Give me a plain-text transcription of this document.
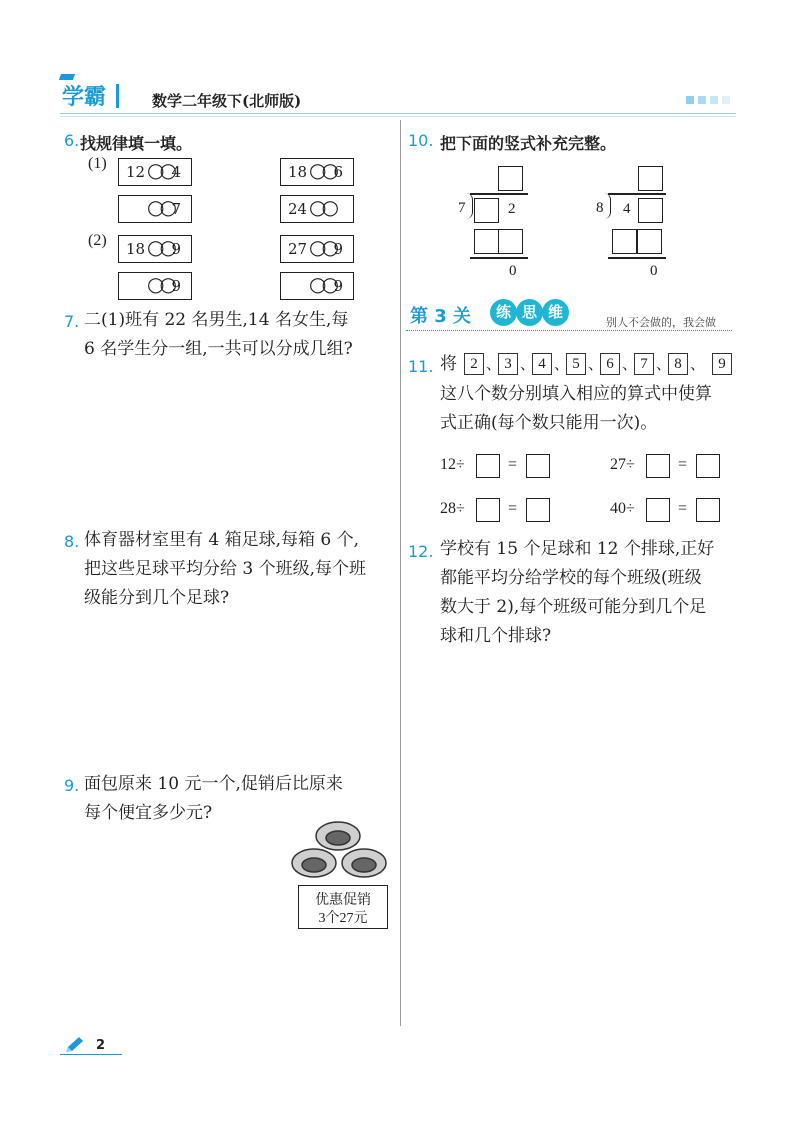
学霸	数学二年级下(北师版)
6. 找规律填一填。
(1)
(2)
12 ○○ 4	18 ○○ 6
○○ 7	24 ○○
18 ○○ 9	27 ○○ 9
○○ 9	○○ 9
7. 二(1)班有 22 名男生,14 名女生,每
6 名学生分一组,一共可以分成几组?
8. 体育器材室里有 4 箱足球,每箱 6 个,
把这些足球平均分给 3 个班级,每个班
级能分到几个足球?
9. 面包原来 10 元一个,促销后比原来
每个便宜多少元?
优惠促销
3个27元
10. 把下面的竖式补充完整。
7	2
0
8 4
0
第 3 关	练 思 维
别人不会做的，我会做
11. 将 2 、 3 、 4 、 5 、 6 、 7 、 8 、 9
这八个数分别填入相应的算式中使算
式正确(每个数只能用一次)。
12÷	=	27÷	=
28÷	=	40÷	=
12. 学校有 15 个足球和 12 个排球,正好
都能平均分给学校的每个班级(班级
数大于 2),每个班级可能分到几个足
球和几个排球?
2
